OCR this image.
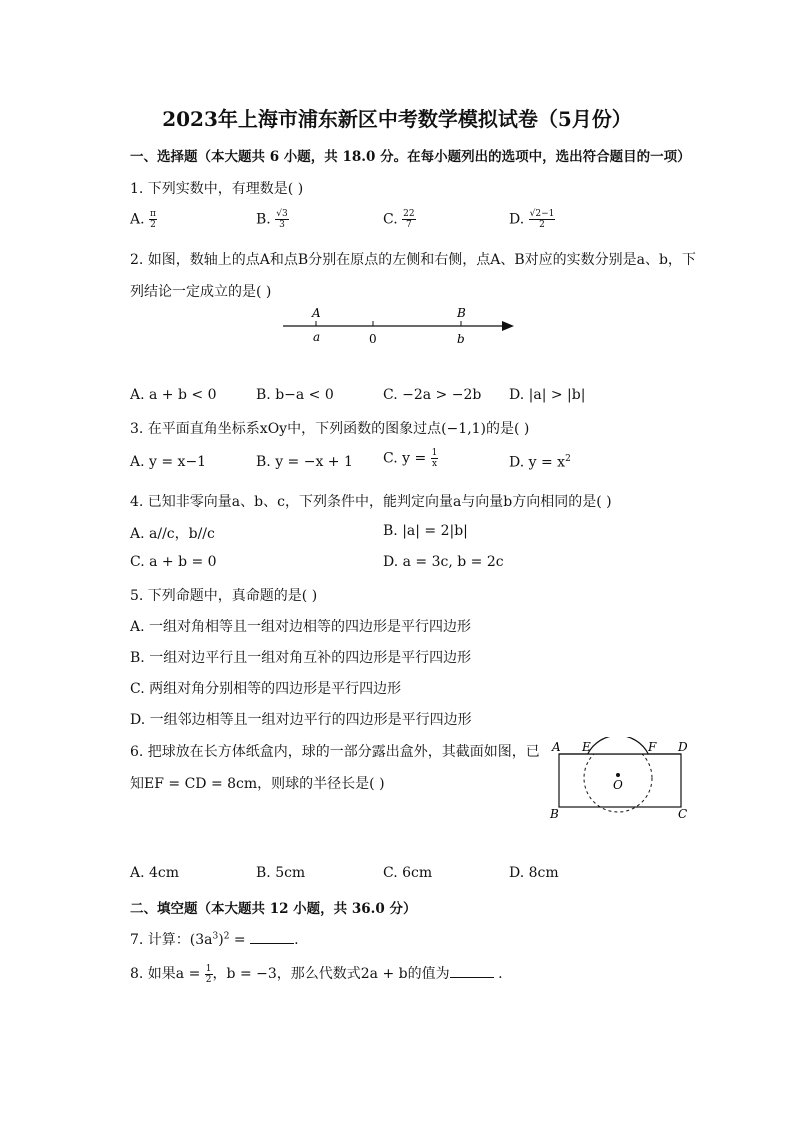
2023年上海市浦东新区中考数学模拟试卷（5月份）
一、选择题（本大题共 6 小题，共 18.0 分。在每小题列出的选项中，选出符合题目的一项）
1. 下列实数中，有理数是( )
A. $\frac{\pi}{2}$	B. $\frac{√3}{3}$	C. $\frac{22}{7}$	D. $\frac{√2-1}{2}$
2. 如图，数轴上的点A和点B分别在原点的左侧和右侧，点A、B对应的实数分别是a、b，下
列结论一定成立的是( )
A
a	0
B
b
A. a + b < 0	B. b−a < 0	C. −2a > −2b D. |a| > |b|
3. 在平面直角坐标系xOy中，下列函数的图象过点(−1,1)的是( )
A. y = x−1	B. y = −x + 1 C. $y = \frac{1}{x}$	D. $y = x^2$
4. 已知非零向量a、b、c，下列条件中，能判定向量a与向量b方向相同的是( )
A. a//c，b//c	B. |a| = 2|b|
C. a + b = 0	D. a = 3c, b = 2c
5. 下列命题中，真命题的是( )
A. 一组对角相等且一组对边相等的四边形是平行四边形
B. 一组对边平行且一组对角互补的四边形是平行四边形
C. 两组对角分别相等的四边形是平行四边形
D. 一组邻边相等且一组对边平行的四边形是平行四边形
6. 把球放在长方体纸盒内，球的一部分露出盒外，其截面如图，已
知EF = CD = 8cm，则球的半径长是( )
A E	F D
B	C
O
A. 4cm	B. 5cm	C. 6cm	D. 8cm
二、填空题（本大题共 12 小题，共 36.0 分）
7. 计算：$(3a^3)^2$ =	.
8. 如果$a = \frac{1}{2}$ ，b = −3，那么代数式2a + b的值为	.
